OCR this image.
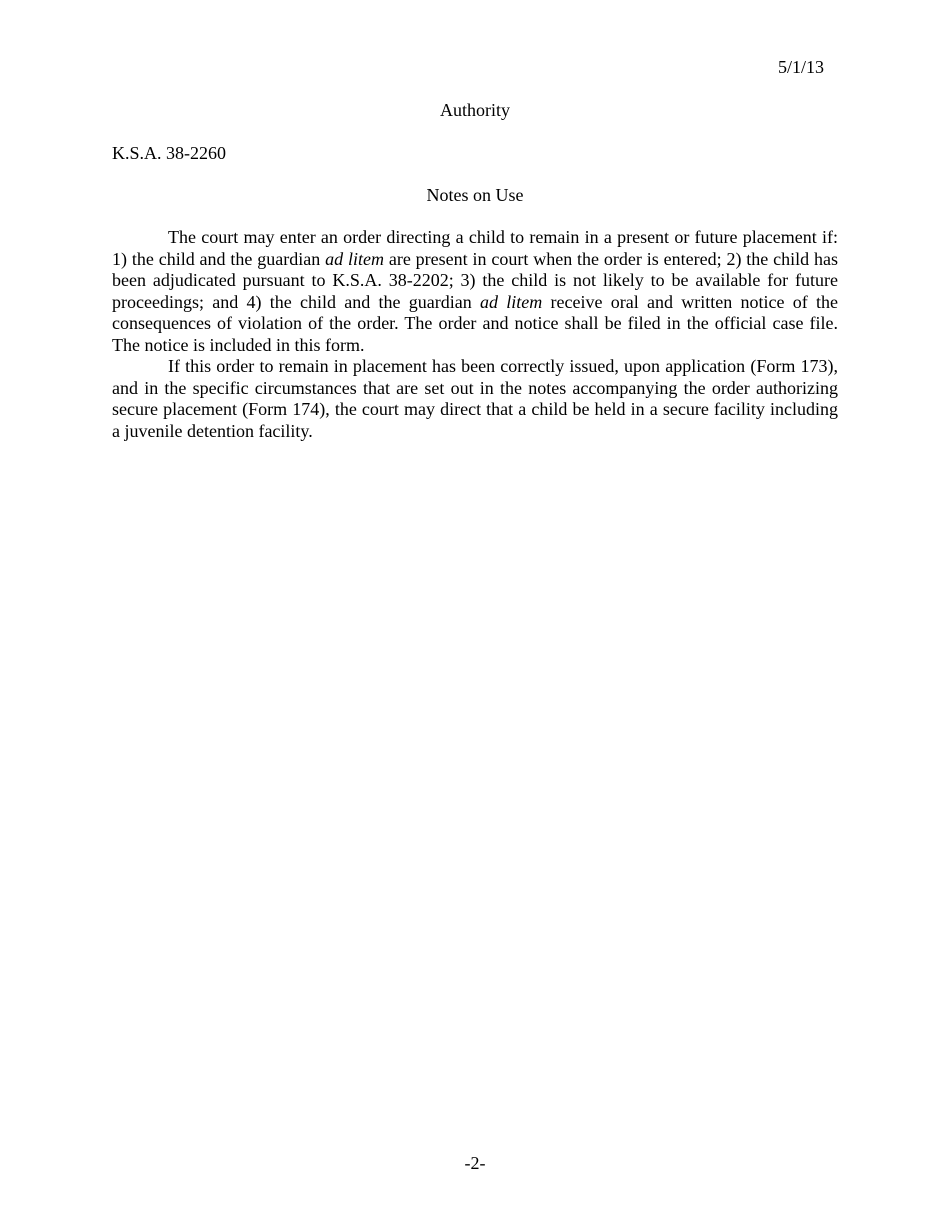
5/1/13
Authority
K.S.A. 38-2260
Notes on Use

The court may enter an order directing a child to remain in a present or future placement if: 1) the child and the guardian ad litem are present in court when the order is entered; 2) the child has been adjudicated pursuant to K.S.A. 38-2202; 3) the child is not likely to be available for future proceedings; and 4) the child and the guardian ad litem receive oral and written notice of the consequences of violation of the order. The order and notice shall be filed in the official case file. The notice is included in this form.

If this order to remain in placement has been correctly issued, upon application (Form 173), and in the specific circumstances that are set out in the notes accompanying the order authorizing secure placement (Form 174), the court may direct that a child be held in a secure facility including a juvenile detention facility.

-2-
